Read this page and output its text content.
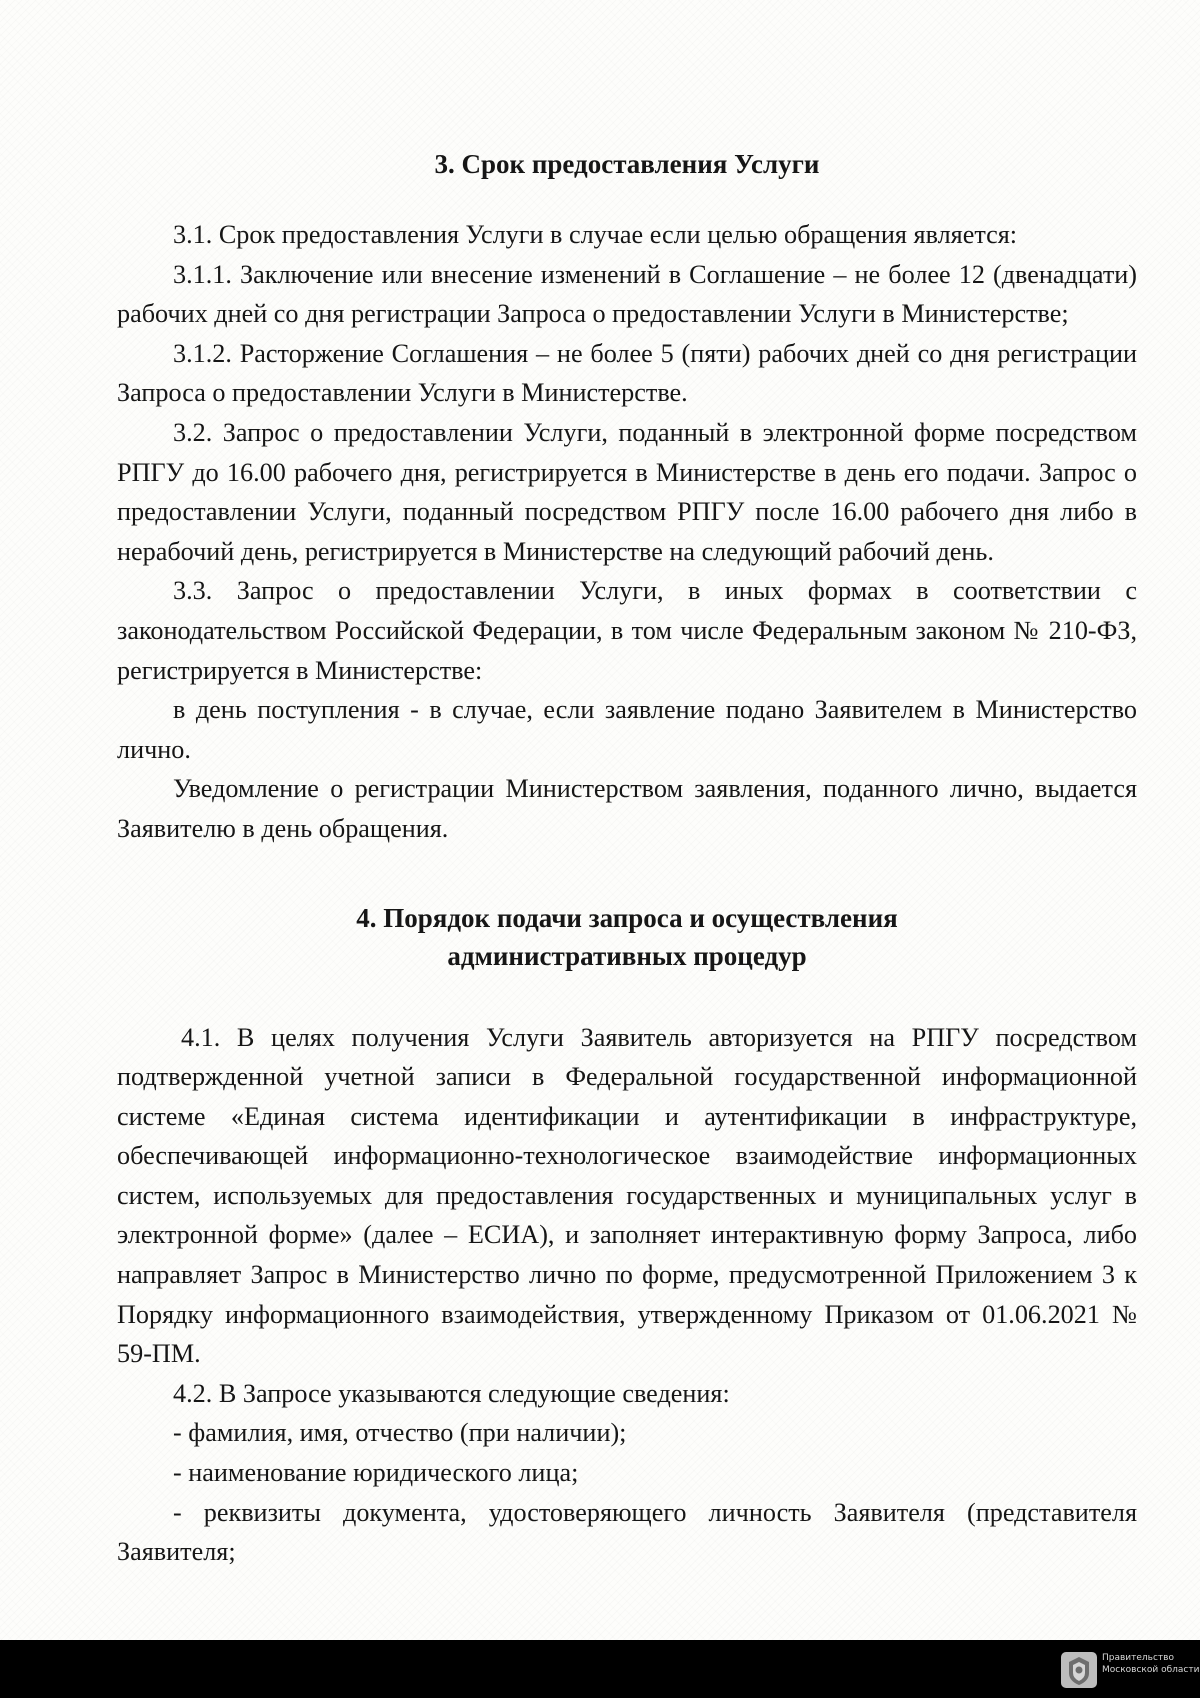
3. Срок предоставления Услуги

3.1. Срок предоставления Услуги в случае если целью обращения является:

3.1.1. Заключение или внесение изменений в Соглашение – не более 12 (двенадцати) рабочих дней со дня регистрации Запроса о предоставлении Услуги в Министерстве;

3.1.2. Расторжение Соглашения – не более 5 (пяти) рабочих дней со дня регистрации Запроса о предоставлении Услуги в Министерстве.

3.2. Запрос о предоставлении Услуги, поданный в электронной форме посредством РПГУ до 16.00 рабочего дня, регистрируется в Министерстве в день его подачи. Запрос о предоставлении Услуги, поданный посредством РПГУ после 16.00 рабочего дня либо в нерабочий день, регистрируется в Министерстве на следующий рабочий день.

3.3. Запрос о предоставлении Услуги, в иных формах в соответствии с законодательством Российской Федерации, в том числе Федеральным законом № 210-ФЗ, регистрируется в Министерстве:

в день поступления - в случае, если заявление подано Заявителем в Министерство лично.

Уведомление о регистрации Министерством заявления, поданного лично, выдается Заявителю в день обращения.

4. Порядок подачи запроса и осуществления
административных процедур

4.1. В целях получения Услуги Заявитель авторизуется на РПГУ посредством подтвержденной учетной записи в Федеральной государственной информационной системе «Единая система идентификации и аутентификации в инфраструктуре, обеспечивающей информационно-технологическое взаимодействие информационных систем, используемых для предоставления государственных и муниципальных услуг в электронной форме» (далее – ЕСИА), и заполняет интерактивную форму Запроса, либо направляет Запрос в Министерство лично по форме, предусмотренной Приложением 3 к Порядку информационного взаимодействия, утвержденному Приказом от 01.06.2021 № 59-ПМ.

4.2. В Запросе указываются следующие сведения:

- фамилия, имя, отчество (при наличии);

- наименование юридического лица;

- реквизиты документа, удостоверяющего личность Заявителя (представителя Заявителя;

Правительство
Московской области
